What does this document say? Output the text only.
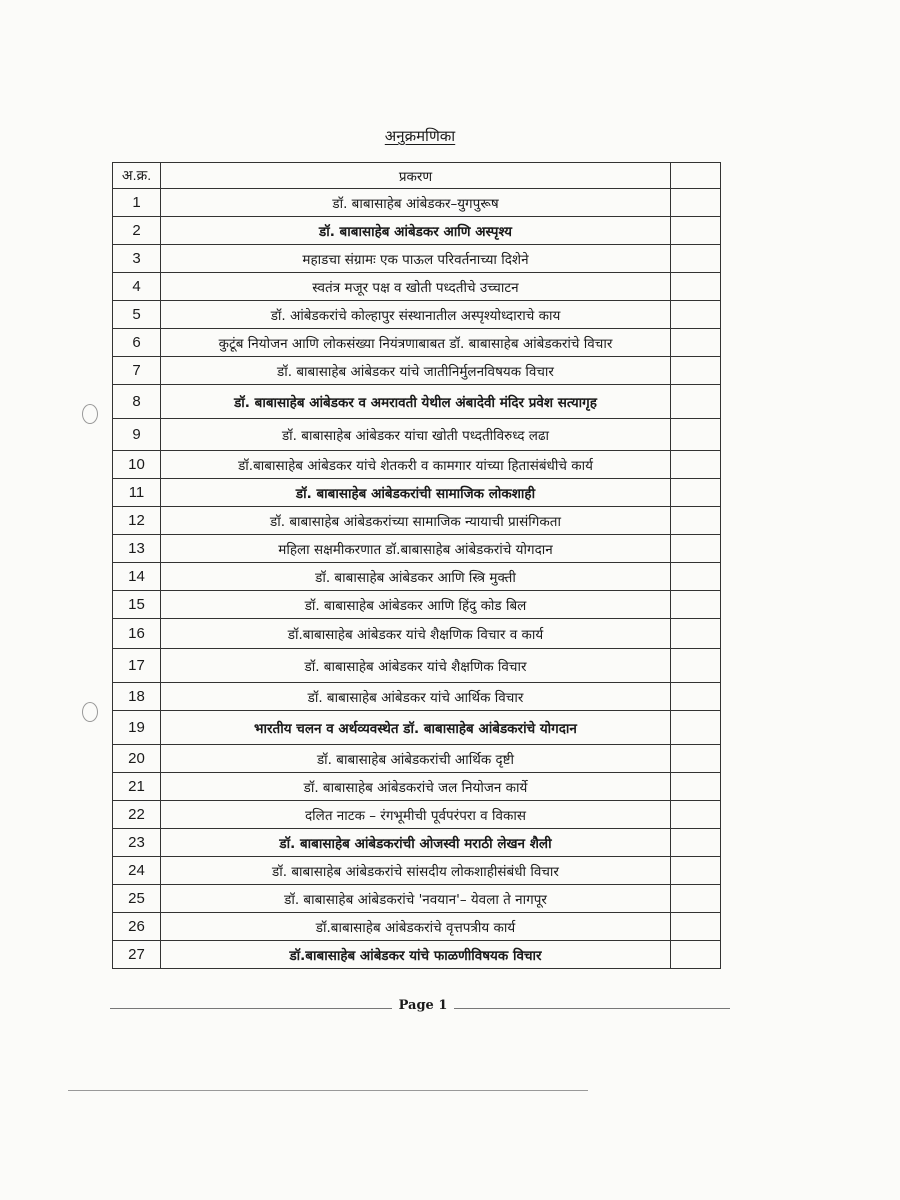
अनुक्रमणिका
अ.क्र.	प्रकरण	
1	डॉ. बाबासाहेब आंबेडकर–युगपुरूष	
2	डॉ. बाबासाहेब आंबेडकर आणि अस्पृश्य	
3	महाडचा संग्रामः एक पाऊल परिवर्तनाच्या दिशेने	
4	स्वतंत्र मजूर पक्ष व खोती पध्दतीचे उच्चाटन	
5	डॉ. आंबेडकरांचे कोल्हापुर संस्थानातील अस्पृश्योध्दाराचे काय	
6	कुटूंब नियोजन आणि लोकसंख्या नियंत्रणाबाबत डॉ. बाबासाहेब आंबेडकरांचे विचार	
7	डॉ. बाबासाहेब आंबेडकर यांचे जातीनिर्मुलनविषयक विचार	
8	डॉ. बाबासाहेब आंबेडकर व अमरावती येथील अंबादेवी मंदिर प्रवेश सत्यागृह	
9	डॉ. बाबासाहेब आंबेडकर यांचा खोती पध्दतीविरुध्द लढा	
10	डॉ.बाबासाहेब आंबेडकर यांचे शेतकरी व कामगार यांच्या हितासंबंधीचे कार्य	
11	डॉ. बाबासाहेब आंबेडकरांची सामाजिक लोकशाही	
12	डॉ. बाबासाहेब आंबेडकरांच्या सामाजिक न्यायाची प्रासंगिकता	
13	महिला सक्षमीकरणात डॉ.बाबासाहेब आंबेडकरांचे योगदान	
14	डॉ. बाबासाहेब आंबेडकर आणि स्त्रि मुक्ती	
15	डॉ. बाबासाहेब आंबेडकर आणि हिंदु कोड बिल	
16	डॉ.बाबासाहेब आंबेडकर यांचे शैक्षणिक विचार व कार्य	
17	डॉ. बाबासाहेब आंबेडकर यांचे शैक्षणिक विचार	
18	डॉ. बाबासाहेब आंबेडकर यांचे आर्थिक विचार	
19	भारतीय चलन व अर्थव्यवस्थेत डॉ. बाबासाहेब आंबेडकरांचे योगदान	
20	डॉ. बाबासाहेब आंबेडकरांची आर्थिक दृष्टी	
21	डॉ. बाबासाहेब आंबेडकरांचे जल नियोजन कार्ये	
22	दलित नाटक – रंगभूमीची पूर्वपरंपरा व विकास	
23	डॉ. बाबासाहेब आंबेडकरांची ओजस्वी मराठी लेखन शैली	
24	डॉ. बाबासाहेब आंबेडकरांचे सांसदीय लोकशाहीसंबंधी विचार	
25	डॉ. बाबासाहेब आंबेडकरांचे 'नवयान'– येवला ते नागपूर	
26	डॉ.बाबासाहेब आंबेडकरांचे वृत्तपत्रीय कार्य	
27	डॉ.बाबासाहेब आंबेडकर यांचे फाळणीविषयक विचार	
Page 1
